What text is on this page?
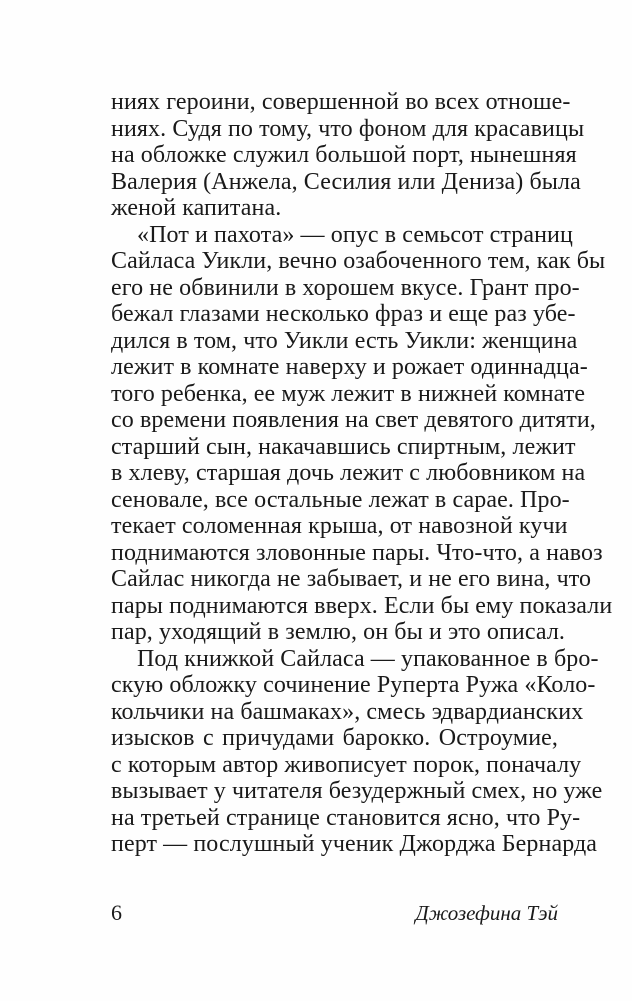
ниях героини, совершенной во всех отноше-
ниях. Судя по тому, что фоном для красавицы
на обложке служил большой порт, нынешняя
Валерия (Анжела, Сесилия или Дениза) была
женой капитана.
«Пот и пахота» — опус в семьсот страниц
Сайласа Уикли, вечно озабоченного тем, как бы
его не обвинили в хорошем вкусе. Грант про-
бежал глазами несколько фраз и еще раз убе-
дился в том, что Уикли есть Уикли: женщина
лежит в комнате наверху и рожает одиннадца-
того ребенка, ее муж лежит в нижней комнате
со времени появления на свет девятого дитяти,
старший сын, накачавшись спиртным, лежит
в хлеву, старшая дочь лежит с любовником на
сеновале, все остальные лежат в сарае. Про-
текает соломенная крыша, от навозной кучи
поднимаются зловонные пары. Что-что, а навоз
Сайлас никогда не забывает, и не его вина, что
пары поднимаются вверх. Если бы ему показали
пар, уходящий в землю, он бы и это описал.
Под книжкой Сайласа — упакованное в бро-
скую обложку сочинение Руперта Ружа «Коло-
кольчики на башмаках», смесь эдвардианских
изысков с причудами барокко. Остроумие,
с которым автор живописует порок, поначалу
вызывает у читателя безудержный смех, но уже
на третьей странице становится ясно, что Ру-
перт — послушный ученик Джорджа Бернарда
6	Джозефина Тэй
